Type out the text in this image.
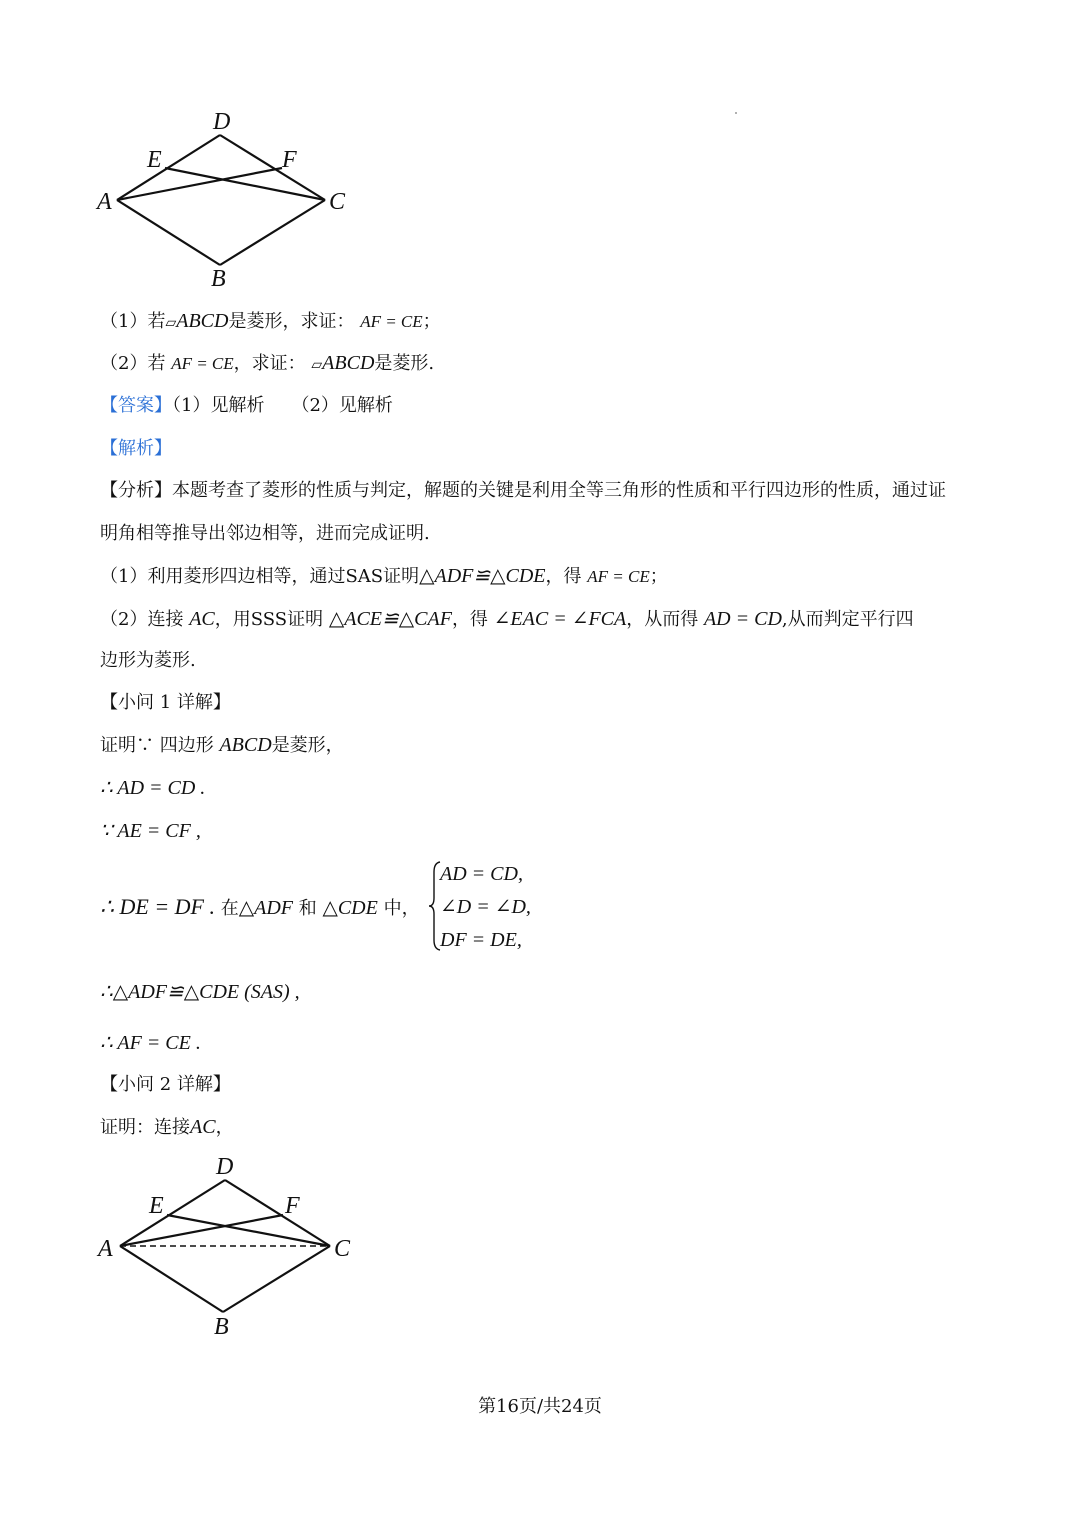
D
E	F
A	C
B
（1）若▱ABCD是菱形，求证： AF = CE；
（2）若 AF = CE，求证： ▱ABCD是菱形.
【答案】（1）见解析　　（2）见解析
【解析】
【分析】本题考查了菱形的性质与判定，解题的关键是利用全等三角形的性质和平行四边形的性质，通过证
明角相等推导出邻边相等，进而完成证明.
（1）利用菱形四边相等，通过SAS证明△ADF≌△CDE，得 AF = CE；
（2）连接 AC，用SSS证明 △ACE≌△CAF，得 ∠EAC = ∠FCA，从而得 AD = CD,从而判定平行四
边形为菱形.
【小问 1 详解】
证明∵ 四边形 ABCD是菱形，
∴ AD = CD .
∵ AE = CF ,
∴ DE = DF . 在△ADF 和 △CDE 中，
AD = CD,
∠D = ∠D,
DF = DE,
∴△ADF≌△CDE (SAS) ,
∴ AF = CE .
【小问 2 详解】
证明：连接AC，
D
E	F
A	C
B
第16页/共24页
